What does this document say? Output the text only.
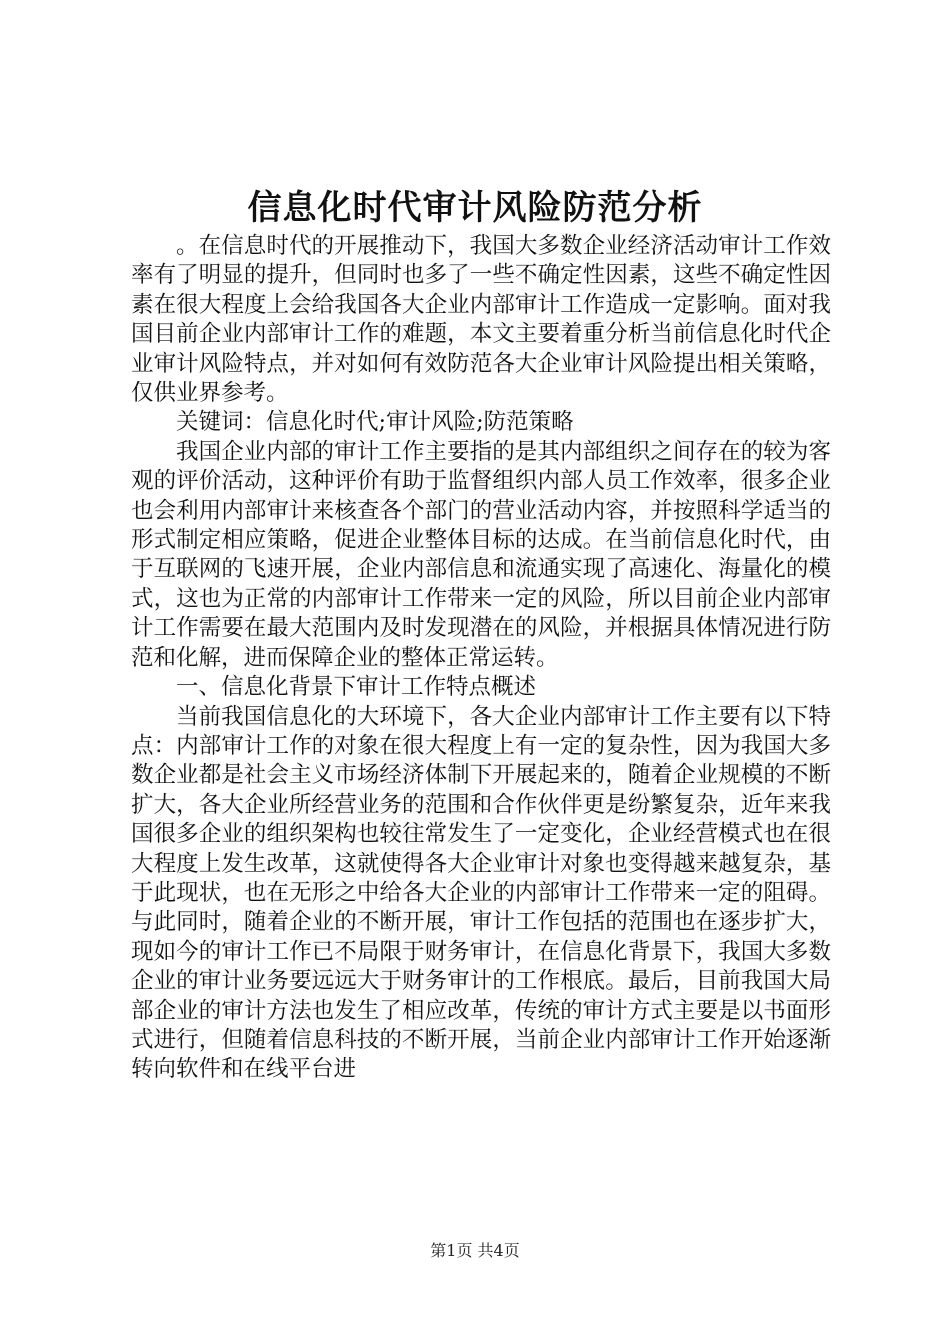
信息化时代审计风险防范分析

。在信息时代的开展推动下，我国大多数企业经济活动审计工作效率有了明显的提升，但同时也多了一些不确定性因素，这些不确定性因素在很大程度上会给我国各大企业内部审计工作造成一定影响。面对我国目前企业内部审计工作的难题，本文主要着重分析当前信息化时代企业审计风险特点，并对如何有效防范各大企业审计风险提出相关策略，仅供业界参考。

关键词：信息化时代;审计风险;防范策略

我国企业内部的审计工作主要指的是其内部组织之间存在的较为客观的评价活动，这种评价有助于监督组织内部人员工作效率，很多企业也会利用内部审计来核查各个部门的营业活动内容，并按照科学适当的形式制定相应策略，促进企业整体目标的达成。在当前信息化时代，由于互联网的飞速开展，企业内部信息和流通实现了高速化、海量化的模式，这也为正常的内部审计工作带来一定的风险，所以目前企业内部审计工作需要在最大范围内及时发现潜在的风险，并根据具体情况进行防范和化解，进而保障企业的整体正常运转。

一、信息化背景下审计工作特点概述

当前我国信息化的大环境下，各大企业内部审计工作主要有以下特点：内部审计工作的对象在很大程度上有一定的复杂性，因为我国大多数企业都是社会主义市场经济体制下开展起来的，随着企业规模的不断扩大，各大企业所经营业务的范围和合作伙伴更是纷繁复杂，近年来我国很多企业的组织架构也较往常发生了一定变化，企业经营模式也在很大程度上发生改革，这就使得各大企业审计对象也变得越来越复杂，基于此现状，也在无形之中给各大企业的内部审计工作带来一定的阻碍。与此同时，随着企业的不断开展，审计工作包括的范围也在逐步扩大，现如今的审计工作已不局限于财务审计，在信息化背景下，我国大多数企业的审计业务要远远大于财务审计的工作根底。最后，目前我国大局部企业的审计方法也发生了相应改革，传统的审计方式主要是以书面形式进行，但随着信息科技的不断开展，当前企业内部审计工作开始逐渐转向软件和在线平台进

第1页 共4页
